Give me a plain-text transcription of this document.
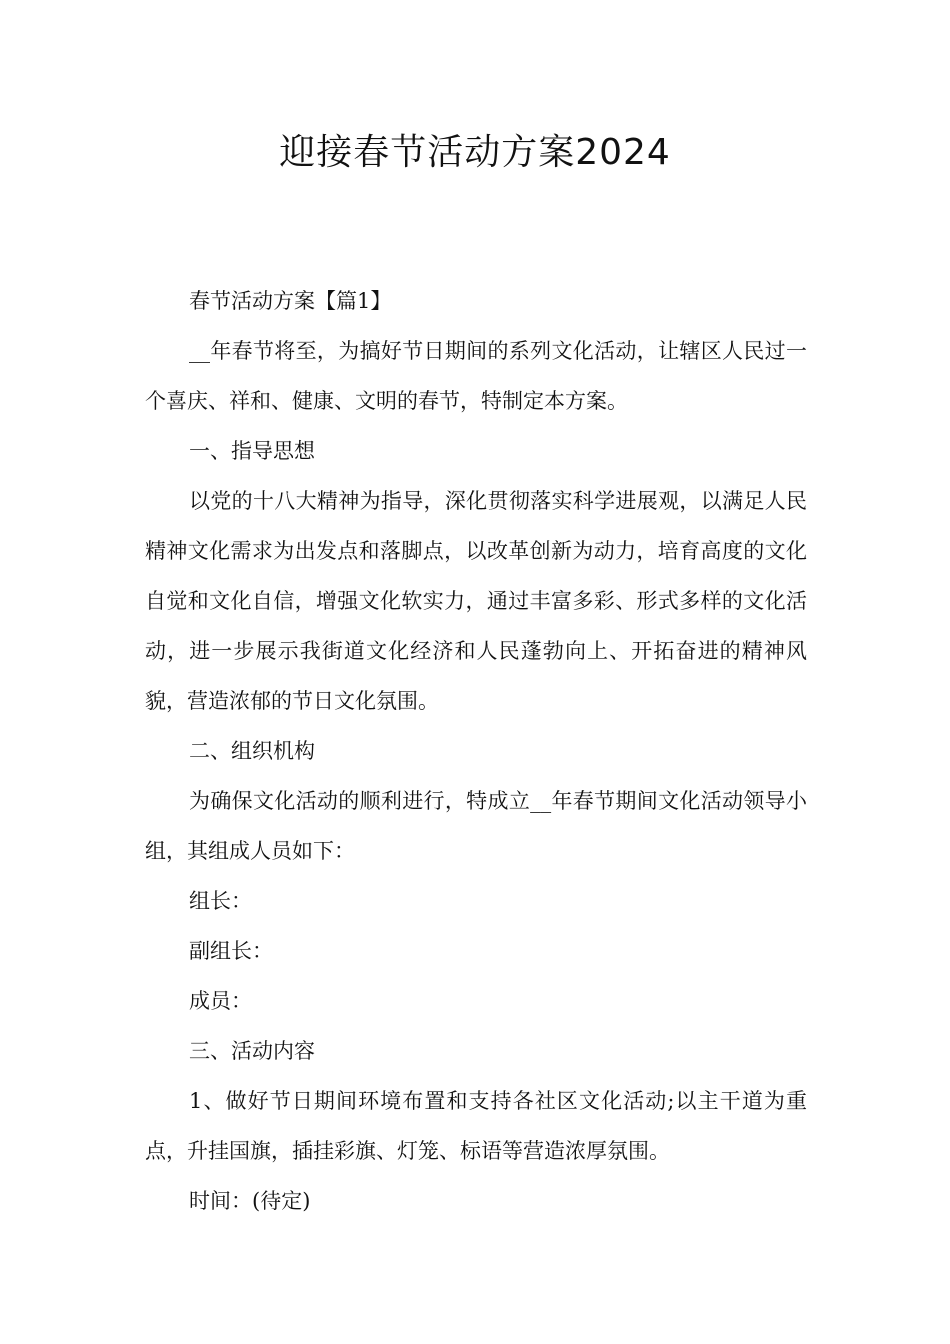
迎接春节活动方案2024

春节活动方案【篇1】

__年春节将至，为搞好节日期间的系列文化活动，让辖区人民过一个喜庆、祥和、健康、文明的春节，特制定本方案。

一、指导思想

以党的十八大精神为指导，深化贯彻落实科学进展观，以满足人民精神文化需求为出发点和落脚点，以改革创新为动力，培育高度的文化自觉和文化自信，增强文化软实力，通过丰富多彩、形式多样的文化活动，进一步展示我街道文化经济和人民蓬勃向上、开拓奋进的精神风貌，营造浓郁的节日文化氛围。

二、组织机构

为确保文化活动的顺利进行，特成立__年春节期间文化活动领导小组，其组成人员如下：

组长：

副组长：

成员：

三、活动内容

1、做好节日期间环境布置和支持各社区文化活动;以主干道为重点，升挂国旗，插挂彩旗、灯笼、标语等营造浓厚氛围。

时间：(待定)
